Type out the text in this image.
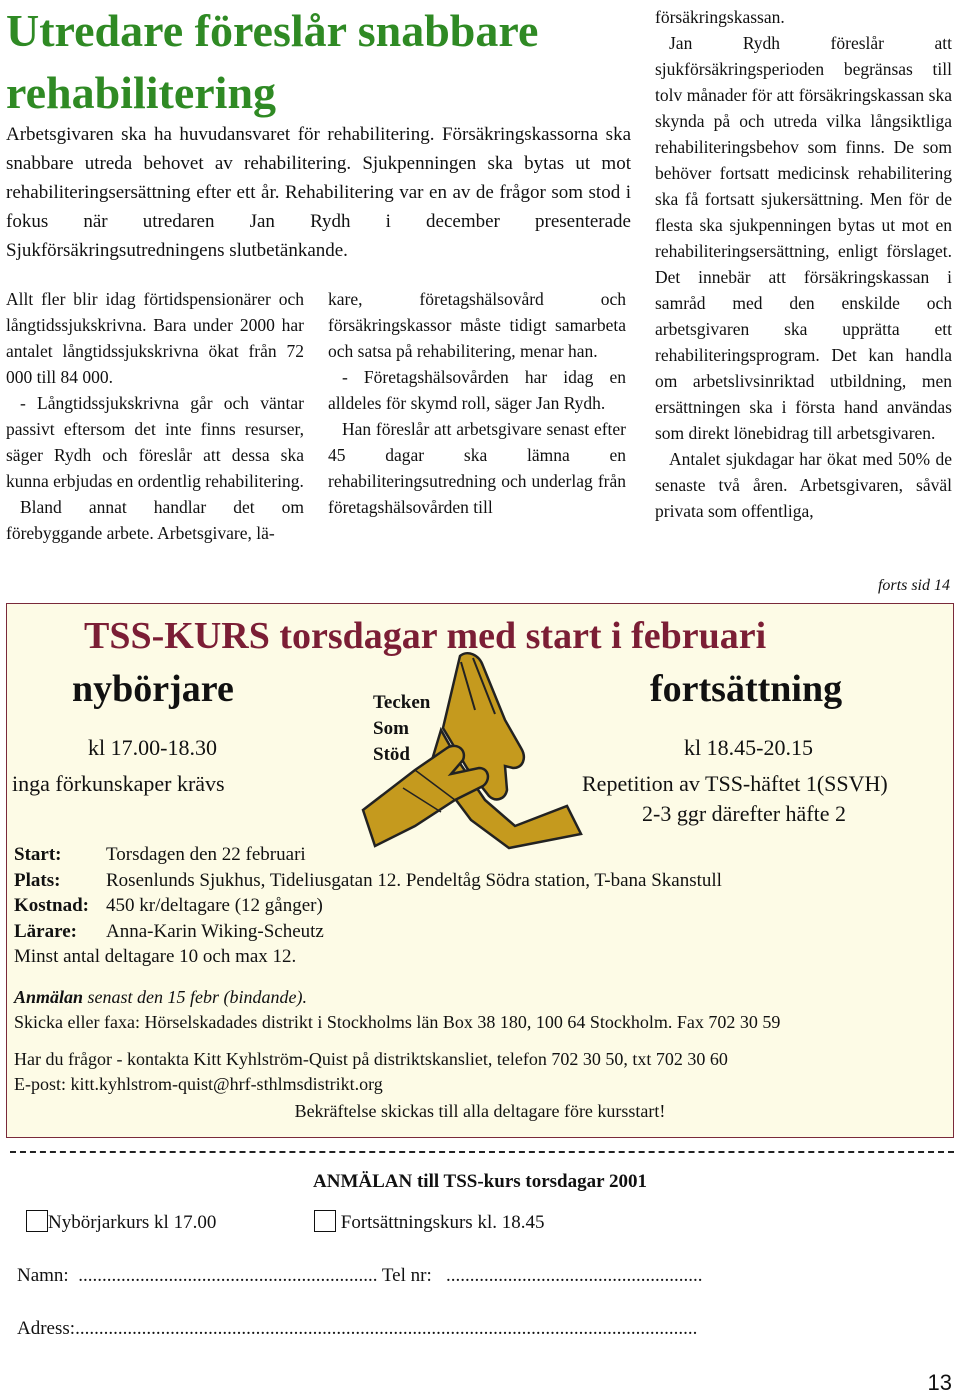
Utredare föreslår snabbare rehabilitering
Arbetsgivaren ska ha huvudansvaret för rehabilitering. Försäkringskassorna ska snabbare utreda behovet av rehabilitering. Sjukpenningen ska bytas ut mot rehabiliteringsersättning efter ett år. Rehabilitering var en av de frågor som stod i fokus när utredaren Jan Rydh i december presenterade Sjukförsäkringsutredningens slutbetänkande.

Allt fler blir idag förtidspensionärer och långtidssjukskrivna. Bara under 2000 har antalet långtidssjukskrivna ökat från 72 000 till 84 000.

- Långtidssjukskrivna går och väntar passivt eftersom det inte finns resurser, säger Rydh och föreslår att dessa ska kunna erbjudas en ordentlig rehabilitering.

Bland annat handlar det om förebyggande arbete. Arbetsgivare, lä-

kare, företagshälsovård och försäkringskassor måste tidigt samarbeta och satsa på rehabilitering, menar han.

- Företagshälsovården har idag en alldeles för skymd roll, säger Jan Rydh.

Han föreslår att arbetsgivare senast efter 45 dagar ska lämna en rehabiliteringsutredning och underlag från företagshälsovården till

försäkringskassan.

Jan Rydh föreslår att sjukförsäkringsperioden begränsas till tolv månader för att försäkringskassan ska skynda på och utreda vilka långsiktliga rehabiliteringsbehov som finns. De som behöver fortsatt medicinsk rehabilitering ska få fortsatt sjukersättning. Men för de flesta ska sjukpenningen bytas ut mot en rehabiliteringsersättning, enligt förslaget. Det innebär att försäkringskassan i samråd med den enskilde och arbetsgivaren ska upprätta ett rehabiliteringsprogram. Det kan handla om arbetslivsinriktad utbildning, men ersättningen ska i första hand användas som direkt lönebidrag till arbetsgivaren.

Antalet sjukdagar har ökat med 50% de senaste två åren. Arbetsgivaren, såväl privata som offentliga,

forts sid 14
TSS-KURS torsdagar med start i februari
nybörjare
kl 17.00-18.30
inga förkunskaper krävs
fortsättning
kl 18.45-20.15
Repetition av TSS-häftet 1(SSVH)
2-3 ggr därefter häfte 2
Tecken
Som
Stöd
Start: Torsdagen den 22 februari
Plats: Rosenlunds Sjukhus, Tideliusgatan 12. Pendeltåg Södra station, T-bana Skanstull
Kostnad: 450 kr/deltagare (12 gånger)
Lärare: Anna-Karin Wiking-Scheutz
Minst antal deltagare 10 och max 12.
Anmälan senast den 15 febr (bindande).
Skicka eller faxa: Hörselskadades distrikt i Stockholms län Box 38 180, 100 64 Stockholm. Fax 702 30 59
Har du frågor - kontakta Kitt Kyhlström-Quist på distriktskansliet, telefon 702 30 50, txt 702 30 60
E-post: kitt.kyhlstrom-quist@hrf-sthlmsdistrikt.org
Bekräftelse skickas till alla deltagare före kursstart!
ANMÄLAN till TSS-kurs torsdagar 2001
Nybörjarkurs kl 17.00	Fortsättningskurs kl. 18.45
Namn: ............................................................... Tel nr: ......................................................
Adress:...................................................................................................................................
13
